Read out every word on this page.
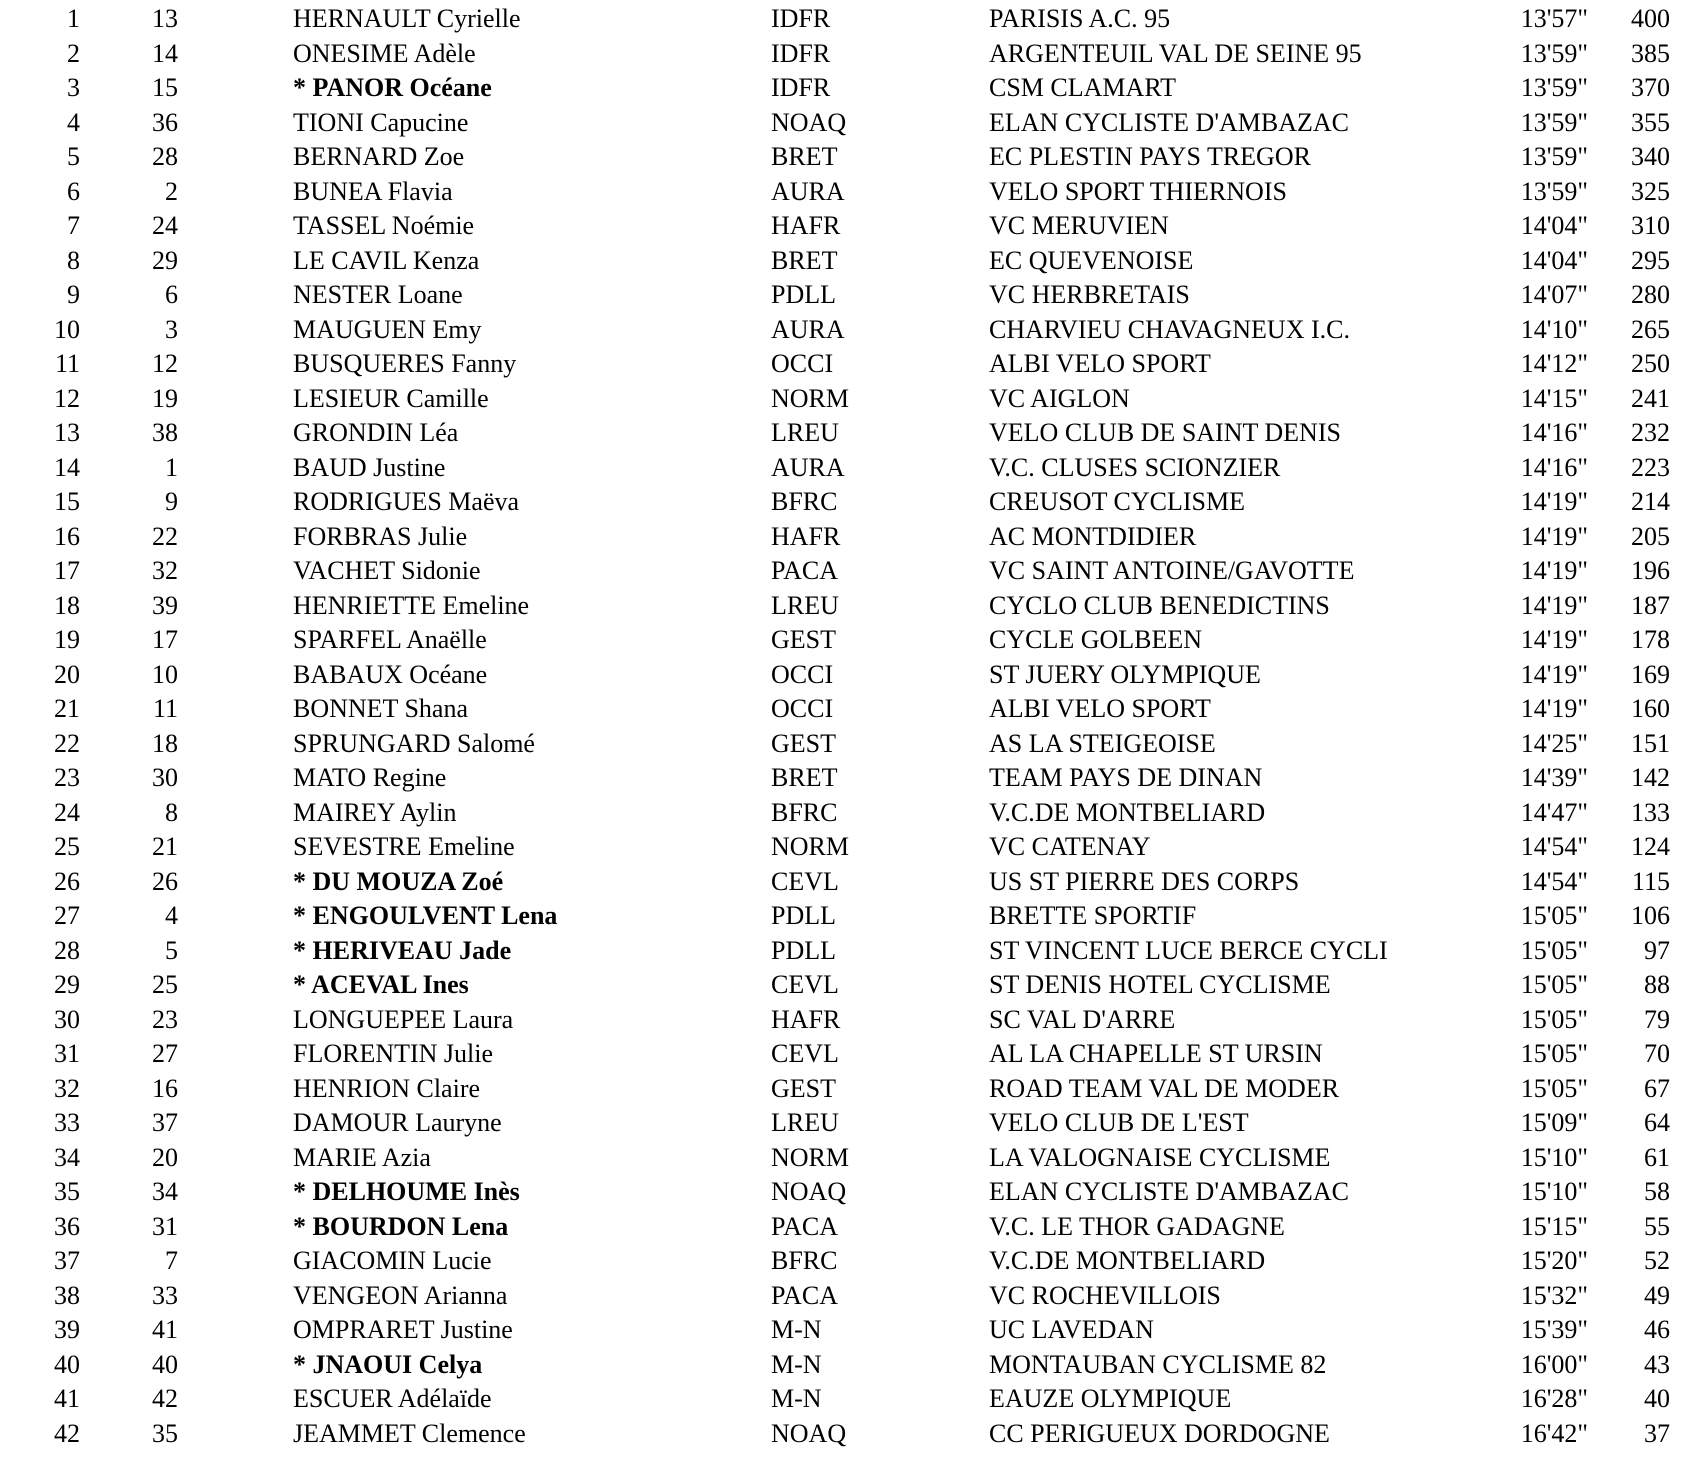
1	13	HERNAULT Cyrielle	IDFR	PARISIS A.C. 95	13'57"	400
2	14	ONESIME Adèle	IDFR	ARGENTEUIL VAL DE SEINE 95	13'59"	385
3	15	* PANOR Océane	IDFR	CSM CLAMART	13'59"	370
4	36	TIONI Capucine	NOAQ	ELAN CYCLISTE D'AMBAZAC	13'59"	355
5	28	BERNARD Zoe	BRET	EC PLESTIN PAYS TREGOR	13'59"	340
6	2	BUNEA Flavia	AURA	VELO SPORT THIERNOIS	13'59"	325
7	24	TASSEL Noémie	HAFR	VC MERUVIEN	14'04"	310
8	29	LE CAVIL Kenza	BRET	EC QUEVENOISE	14'04"	295
9	6	NESTER Loane	PDLL	VC HERBRETAIS	14'07"	280
10	3	MAUGUEN Emy	AURA	CHARVIEU CHAVAGNEUX I.C.	14'10"	265
11	12	BUSQUERES Fanny	OCCI	ALBI VELO SPORT	14'12"	250
12	19	LESIEUR Camille	NORM	VC AIGLON	14'15"	241
13	38	GRONDIN Léa	LREU	VELO CLUB DE SAINT DENIS	14'16"	232
14	1	BAUD Justine	AURA	V.C. CLUSES SCIONZIER	14'16"	223
15	9	RODRIGUES Maëva	BFRC	CREUSOT CYCLISME	14'19"	214
16	22	FORBRAS Julie	HAFR	AC MONTDIDIER	14'19"	205
17	32	VACHET Sidonie	PACA	VC SAINT ANTOINE/GAVOTTE	14'19"	196
18	39	HENRIETTE Emeline	LREU	CYCLO CLUB BENEDICTINS	14'19"	187
19	17	SPARFEL Anaëlle	GEST	CYCLE GOLBEEN	14'19"	178
20	10	BABAUX Océane	OCCI	ST JUERY OLYMPIQUE	14'19"	169
21	11	BONNET Shana	OCCI	ALBI VELO SPORT	14'19"	160
22	18	SPRUNGARD Salomé	GEST	AS LA STEIGEOISE	14'25"	151
23	30	MATO Regine	BRET	TEAM PAYS DE DINAN	14'39"	142
24	8	MAIREY Aylin	BFRC	V.C.DE MONTBELIARD	14'47"	133
25	21	SEVESTRE Emeline	NORM	VC CATENAY	14'54"	124
26	26	* DU MOUZA Zoé	CEVL	US ST PIERRE DES CORPS	14'54"	115
27	4	* ENGOULVENT Lena	PDLL	BRETTE SPORTIF	15'05"	106
28	5	* HERIVEAU Jade	PDLL	ST VINCENT LUCE BERCE CYCLI	15'05"	97
29	25	* ACEVAL Ines	CEVL	ST DENIS HOTEL CYCLISME	15'05"	88
30	23	LONGUEPEE Laura	HAFR	SC VAL D'ARRE	15'05"	79
31	27	FLORENTIN Julie	CEVL	AL LA CHAPELLE ST URSIN	15'05"	70
32	16	HENRION Claire	GEST	ROAD TEAM VAL DE MODER	15'05"	67
33	37	DAMOUR Lauryne	LREU	VELO CLUB DE L'EST	15'09"	64
34	20	MARIE Azia	NORM	LA VALOGNAISE CYCLISME	15'10"	61
35	34	* DELHOUME Inès	NOAQ	ELAN CYCLISTE D'AMBAZAC	15'10"	58
36	31	* BOURDON Lena	PACA	V.C. LE THOR GADAGNE	15'15"	55
37	7	GIACOMIN Lucie	BFRC	V.C.DE MONTBELIARD	15'20"	52
38	33	VENGEON Arianna	PACA	VC ROCHEVILLOIS	15'32"	49
39	41	OMPRARET Justine	M-N	UC LAVEDAN	15'39"	46
40	40	* JNAOUI Celya	M-N	MONTAUBAN CYCLISME 82	16'00"	43
41	42	ESCUER Adélaïde	M-N	EAUZE OLYMPIQUE	16'28"	40
42	35	JEAMMET Clemence	NOAQ	CC PERIGUEUX DORDOGNE	16'42"	37
